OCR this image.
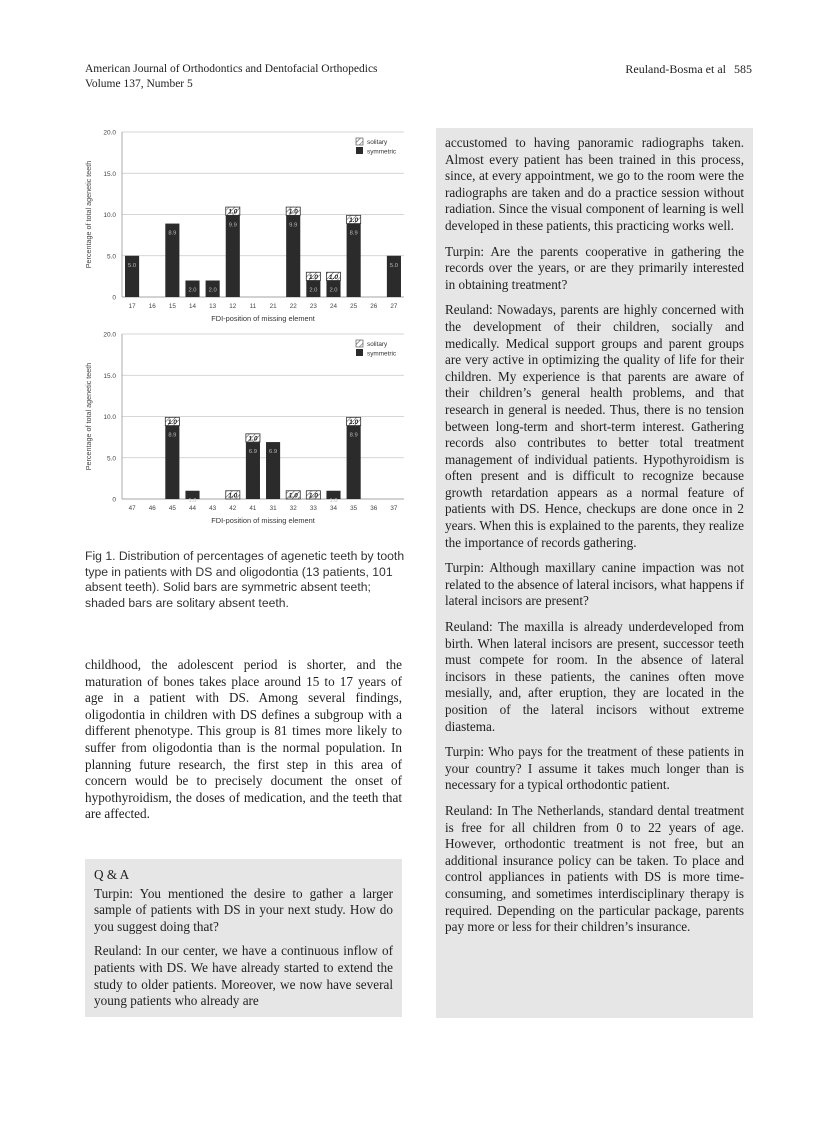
American Journal of Orthodontics and Dentofacial Orthopedics
Volume 137, Number 5
Reuland-Bosma et al 585
0
5.0
10.0
15.0
20.0
Percentage of total agenetic teeth
17
5.0
16 15
8.9
14
2.0
13
2.0
12
9.9
1.0
11 21 22
9.9
1.0
23
2.0
1.0
24
2.0
1.0
25
8.9
1.0
26 27
5.0
FDI-position of missing element
solitary
symmetric
0
5.0
10.0
15.0
20.0
Percentage of total agenetic teeth
47 46 45
8.9
1.0
44
1.0
43 42
1.0
41
6.9
1.0
31
6.9
32
1.0
33
1.0
34
1.0
35
8.9
1.0
36 37
FDI-position of missing element
solitary
symmetric
Fig 1. Distribution of percentages of agenetic teeth by tooth type in patients with DS and oligodontia (13 patients, 101 absent teeth). Solid bars are symmetric absent teeth; shaded bars are solitary absent teeth.
childhood, the adolescent period is shorter, and the maturation of bones takes place around 15 to 17 years of age in a patient with DS. Among several findings, oligodontia in children with DS defines a subgroup with a different phenotype. This group is 81 times more likely to suffer from oligodontia than is the normal population. In planning future research, the first step in this area of concern would be to precisely document the onset of hypothyroidism, the doses of medication, and the teeth that are affected.

Q & A

Turpin: You mentioned the desire to gather a larger sample of patients with DS in your next study. How do you suggest doing that?

Reuland: In our center, we have a continuous inflow of patients with DS. We have already started to extend the study to older patients. Moreover, we now have several young patients who already are

accustomed to having panoramic radiographs taken. Almost every patient has been trained in this process, since, at every appointment, we go to the room were the radiographs are taken and do a practice session without radiation. Since the visual component of learning is well developed in these patients, this practicing works well.

Turpin: Are the parents cooperative in gathering the records over the years, or are they primarily interested in obtaining treatment?

Reuland: Nowadays, parents are highly concerned with the development of their children, socially and medically. Medical support groups and parent groups are very active in optimizing the quality of life for their children. My experience is that parents are aware of their children’s general health problems, and that research in general is needed. Thus, there is no tension between long-term and short-term interest. Gathering records also contributes to better total treatment management of individual patients. Hypothyroidism is often present and is difficult to recognize because growth retardation appears as a normal feature of patients with DS. Hence, checkups are done once in 2 years. When this is explained to the parents, they realize the importance of records gathering.

Turpin: Although maxillary canine impaction was not related to the absence of lateral incisors, what happens if lateral incisors are present?

Reuland: The maxilla is already underdeveloped from birth. When lateral incisors are present, successor teeth must compete for room. In the absence of lateral incisors in these patients, the canines often move mesially, and, after eruption, they are located in the position of the lateral incisors without extreme diastema.

Turpin: Who pays for the treatment of these patients in your country? I assume it takes much longer than is necessary for a typical orthodontic patient.

Reuland: In The Netherlands, standard dental treatment is free for all children from 0 to 22 years of age. However, orthodontic treatment is not free, but an additional insurance policy can be taken. To place and control appliances in patients with DS is more time-consuming, and sometimes interdisciplinary therapy is required. Depending on the particular package, parents pay more or less for their children’s insurance.
